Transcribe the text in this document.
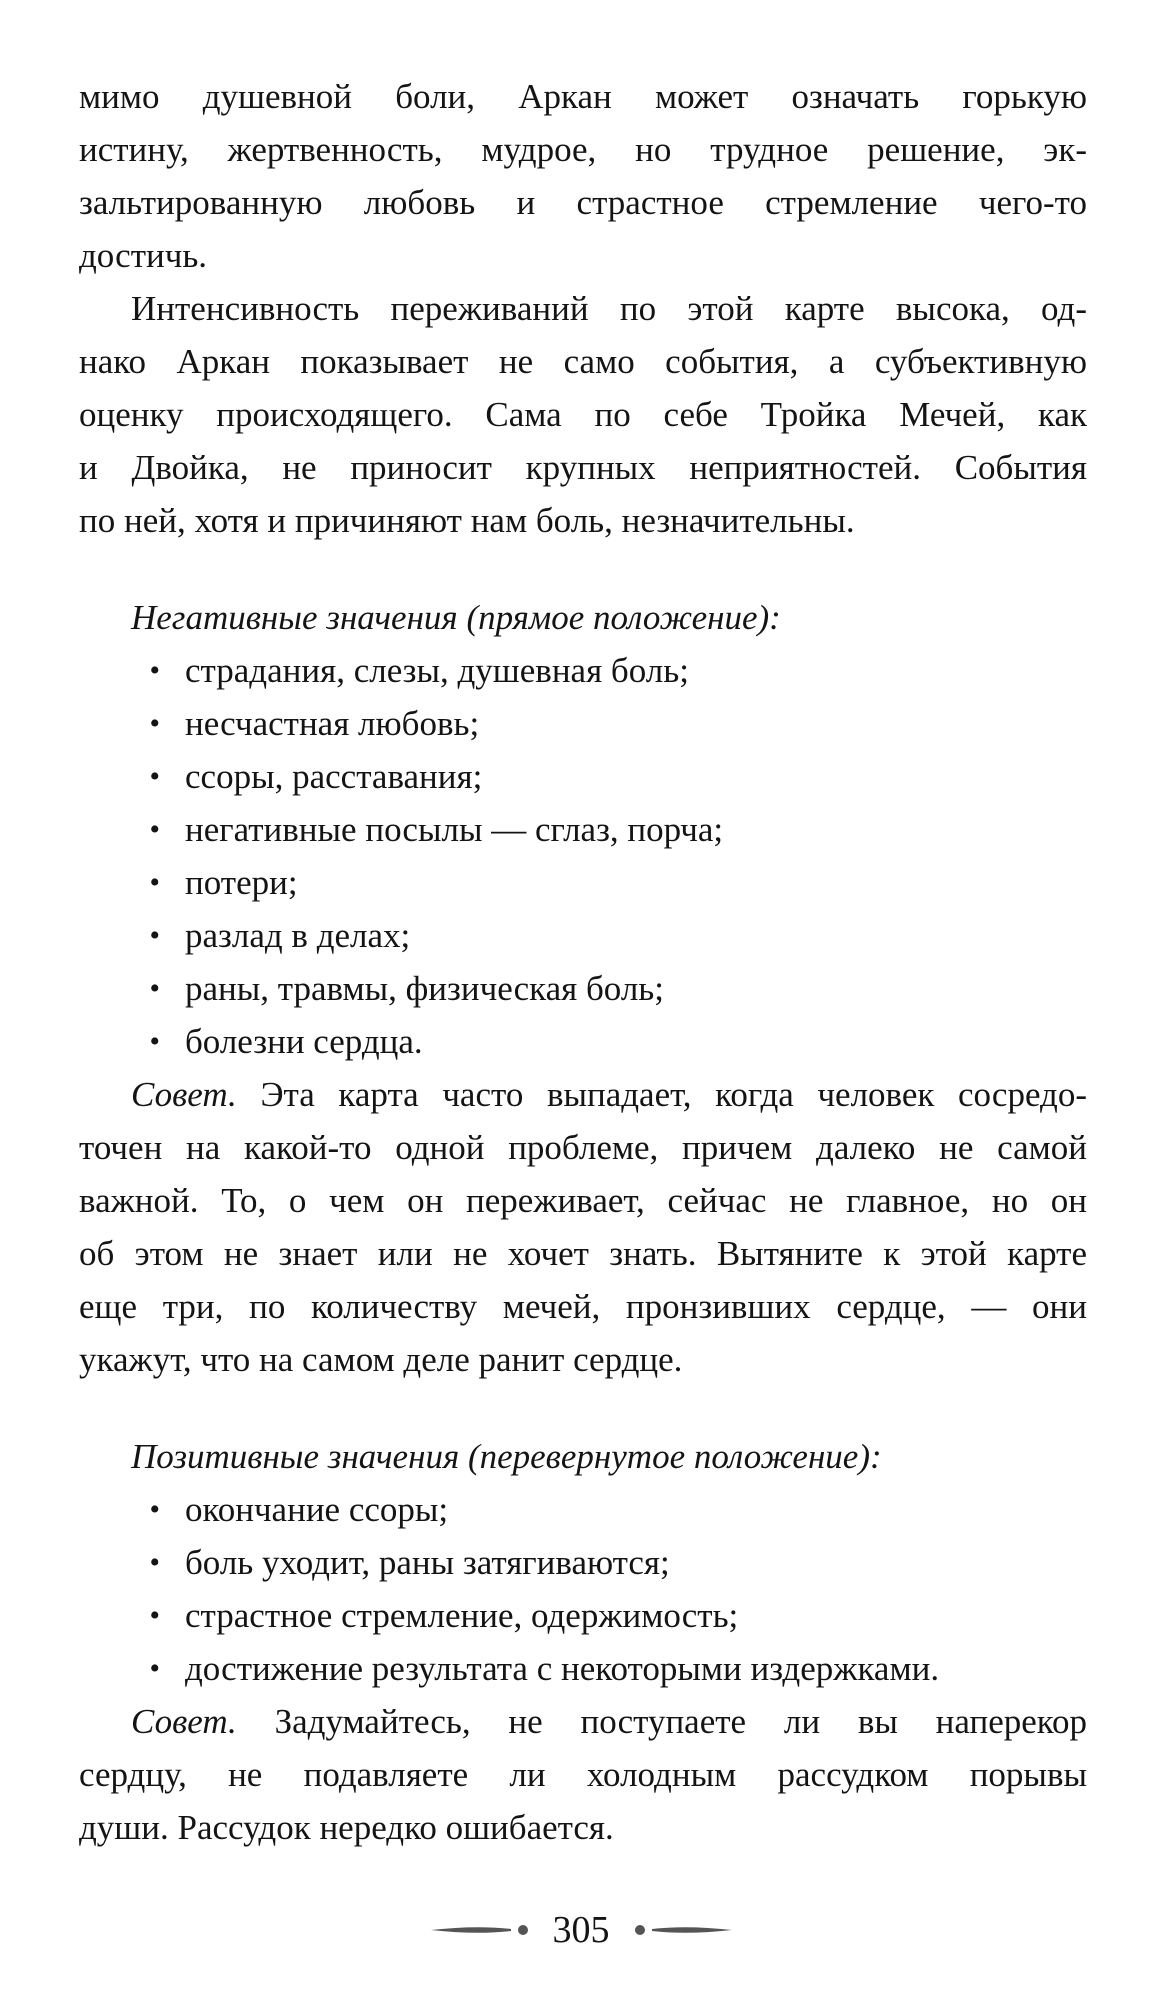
мимо душевной боли, Аркан может означать горькую
истину, жертвенность, мудрое, но трудное решение, эк-
зальтированную любовь и страстное стремление чего-то
достичь.
Интенсивность переживаний по этой карте высока, од-
нако Аркан показывает не само события, а субъективную
оценку происходящего. Сама по себе Тройка Мечей, как
и Двойка, не приносит крупных неприятностей. События
по ней, хотя и причиняют нам боль, незначительны.
Негативные значения (прямое положение):
• страдания, слезы, душевная боль;
• несчастная любовь;
• ссоры, расставания;
• негативные посылы — сглаз, порча;
• потери;
• разлад в делах;
• раны, травмы, физическая боль;
• болезни сердца.
Совет. Эта карта часто выпадает, когда человек сосредо-
точен на какой-то одной проблеме, причем далеко не самой
важной. То, о чем он переживает, сейчас не главное, но он
об этом не знает или не хочет знать. Вытяните к этой карте
еще три, по количеству мечей, пронзивших сердце, — они
укажут, что на самом деле ранит сердце.
Позитивные значения (перевернутое положение):
• окончание ссоры;
• боль уходит, раны затягиваются;
• страстное стремление, одержимость;
• достижение результата с некоторыми издержками.
Совет. Задумайтесь, не поступаете ли вы наперекор
сердцу, не подавляете ли холодным рассудком порывы
души. Рассудок нередко ошибается.
305
